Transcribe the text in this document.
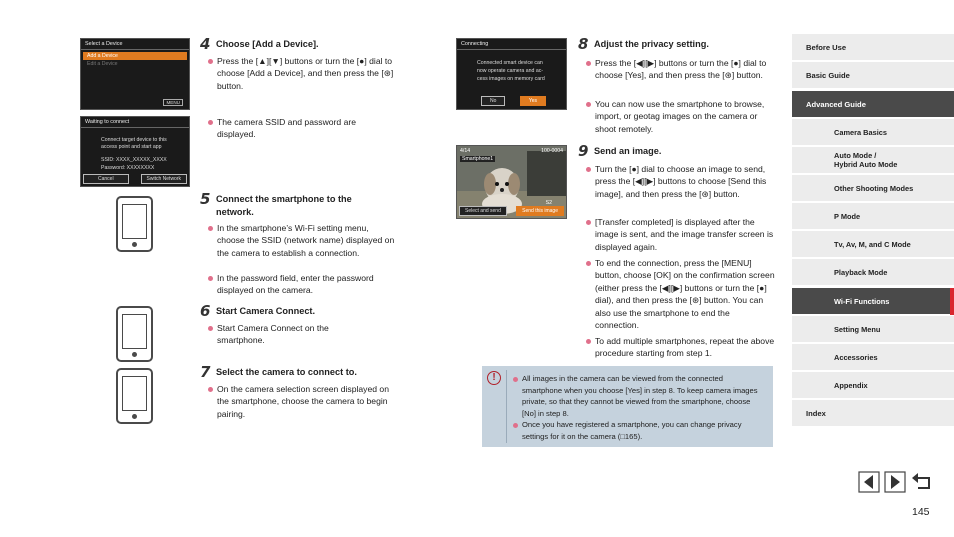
Select a Device
Add a Device
Edit a Device
MENU
Waiting to connect
Connect target device to this
access point and start app
SSID: XXXX_XXXXX_XXXX
Password: XXXXXXXX
Cancel	Switch Network
4 Choose [Add a Device].
Press the [▲][▼] buttons or turn the [●] dial to choose [Add a Device], and then press the [⊛] button.
The camera SSID and password are displayed.
5 Connect the smartphone to the network.
In the smartphone’s Wi-Fi setting menu, choose the SSID (network name) displayed on the camera to establish a connection.
In the password field, enter the password displayed on the camera.
6 Start Camera Connect.
Start Camera Connect on the smartphone.
7 Select the camera to connect to.
On the camera selection screen displayed on the smartphone, choose the camera to begin pairing.
Connecting
Connected smart device can
now operate camera and ac-
cess images on memory card
No	Yes
4/14	100-0004
Smartphone1
S2
Select and send	Send this image
8 Adjust the privacy setting.
Press the [◀][▶] buttons or turn the [●] dial to choose [Yes], and then press the [⊛] button.
You can now use the smartphone to browse, import, or geotag images on the camera or shoot remotely.
9 Send an image.
Turn the [●] dial to choose an image to send, press the [◀][▶] buttons to choose [Send this image], and then press the [⊛] button.
[Transfer completed] is displayed after the image is sent, and the image transfer screen is displayed again.
To end the connection, press the [MENU] button, choose [OK] on the confirmation screen (either press the [◀][▶] buttons or turn the [●] dial), and then press the [⊛] button. You can also use the smartphone to end the connection.
To add multiple smartphones, repeat the above procedure starting from step 1.
!	All images in the camera can be viewed from the connected smartphone when you choose [Yes] in step 8. To keep camera images private, so that they cannot be viewed from the smartphone, choose [No] in step 8.
Once you have registered a smartphone, you can change privacy settings for it on the camera (□165).
Before Use
Basic Guide
Advanced Guide
Camera Basics
Auto Mode /
Hybrid Auto Mode
Other Shooting Modes
P Mode
Tv, Av, M, and C Mode
Playback Mode
Wi-Fi Functions
Setting Menu
Accessories
Appendix
Index
145
